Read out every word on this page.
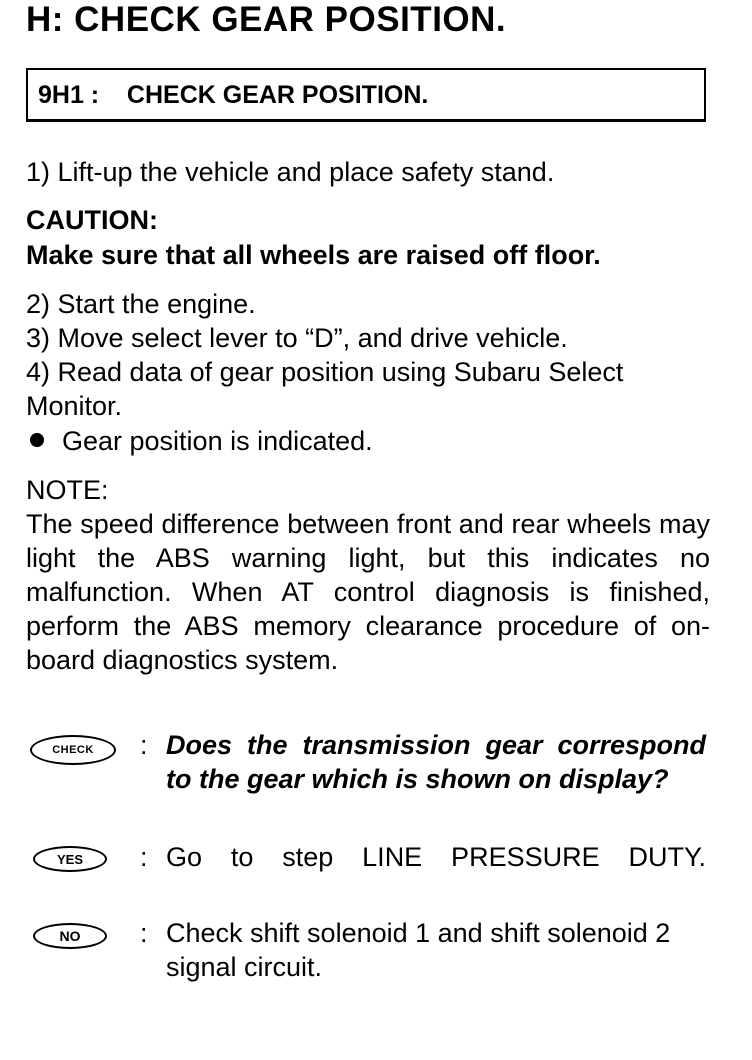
H: CHECK GEAR POSITION.
9H1 :    CHECK GEAR POSITION.
1) Lift-up the vehicle and place safety stand.
CAUTION:
Make sure that all wheels are raised off floor.
2) Start the engine.
3) Move select lever to “D”, and drive vehicle.
4) Read data of gear position using Subaru Select Monitor.
Gear position is indicated.
NOTE:
The speed difference between front and rear wheels may light the ABS warning light, but this indicates no malfunction. When AT control diagnosis is finished, perform the ABS memory clearance procedure of on-board diagnostics system.
CHECK	: Does the transmission gear correspond to the gear which is shown on display?
YES	: Go to step LINE PRESSURE DUTY.
NO	: Check shift solenoid 1 and shift solenoid 2 signal circuit.
